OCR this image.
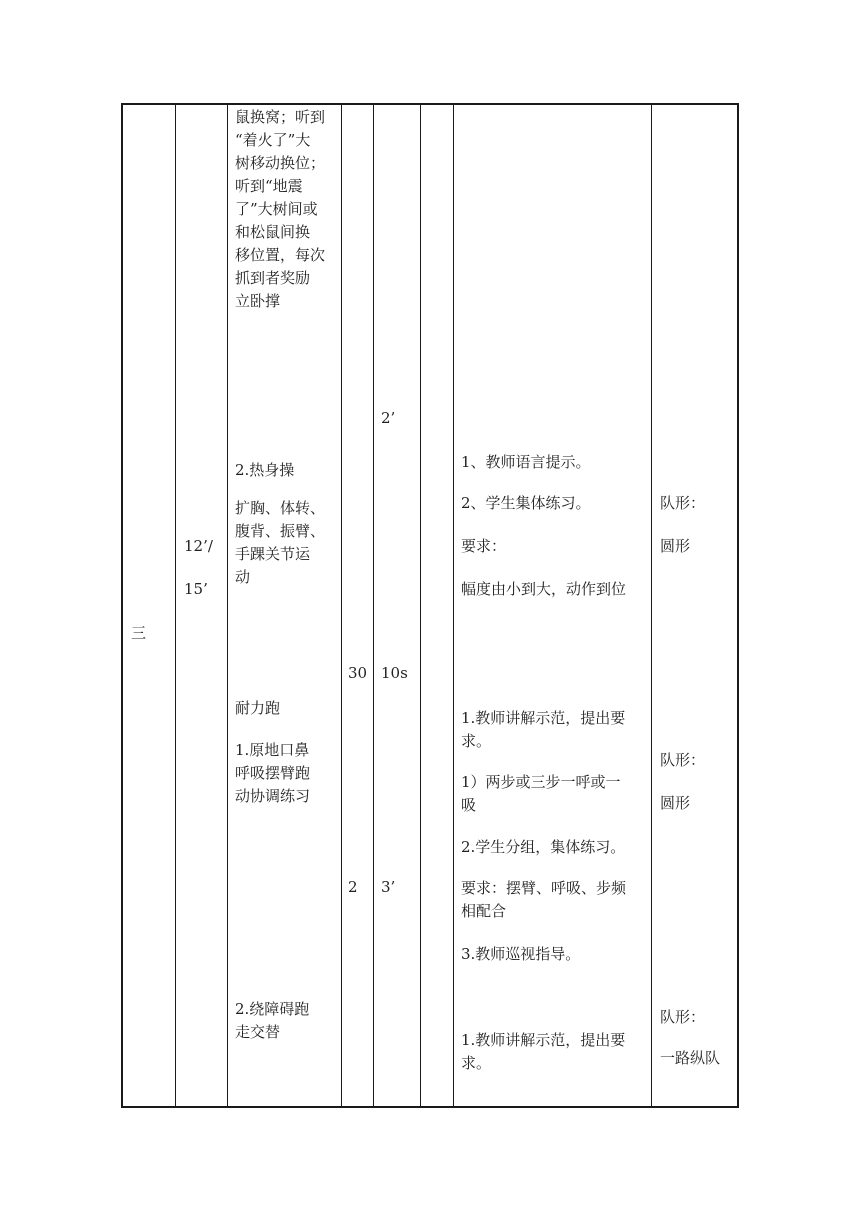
三
12’/
15’
鼠换窝；听到
“着火了”大
树移动换位；
听到“地震
了”大树间或
和松鼠间换
移位置，每次
抓到者奖励
立卧撑
2.热身操
扩胸、体转、
腹背、振臂、
手踝关节运
动
耐力跑
1.原地口鼻
呼吸摆臂跑
动协调练习
2.绕障碍跑
走交替
30
2
2’
10s
3’
1、教师语言提示。
2、学生集体练习。
要求：
幅度由小到大，动作到位
1.教师讲解示范，提出要
求。
1）两步或三步一呼或一
吸
2.学生分组，集体练习。
要求：摆臂、呼吸、步频
相配合
3.教师巡视指导。
1.教师讲解示范，提出要
求。
队形：
圆形
队形：
圆形
队形：
一路纵队
